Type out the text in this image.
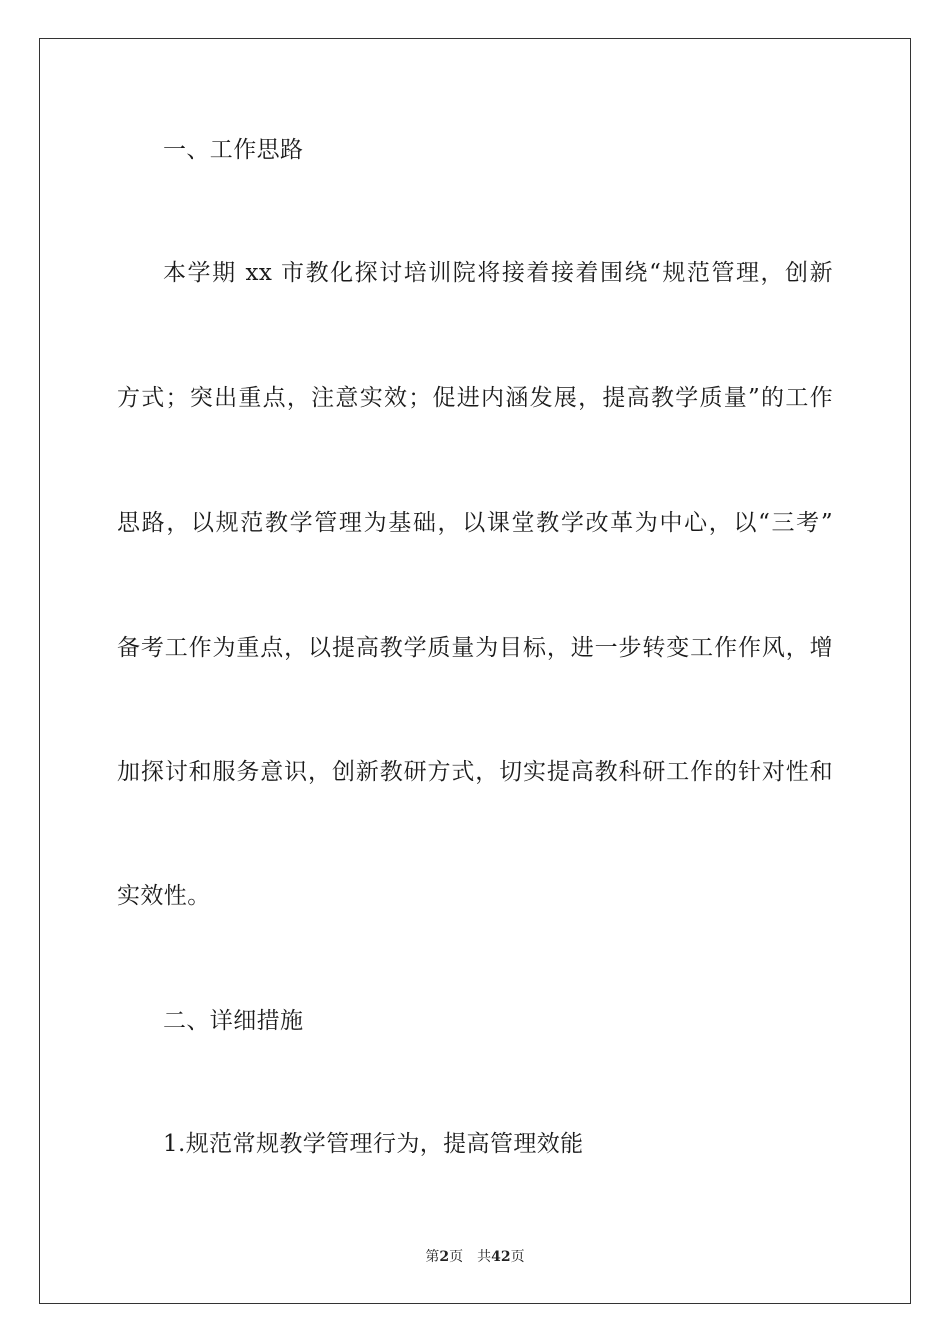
一、工作思路
本学期 xx 市教化探讨培训院将接着接着围绕“规范管理，创新
方式；突出重点，注意实效；促进内涵发展，提高教学质量”的工作
思路，以规范教学管理为基础，以课堂教学改革为中心，以“三考”
备考工作为重点，以提高教学质量为目标，进一步转变工作作风，增
加探讨和服务意识，创新教研方式，切实提高教科研工作的针对性和
实效性。
二、详细措施
1.规范常规教学管理行为，提高管理效能
第2页 共42页
